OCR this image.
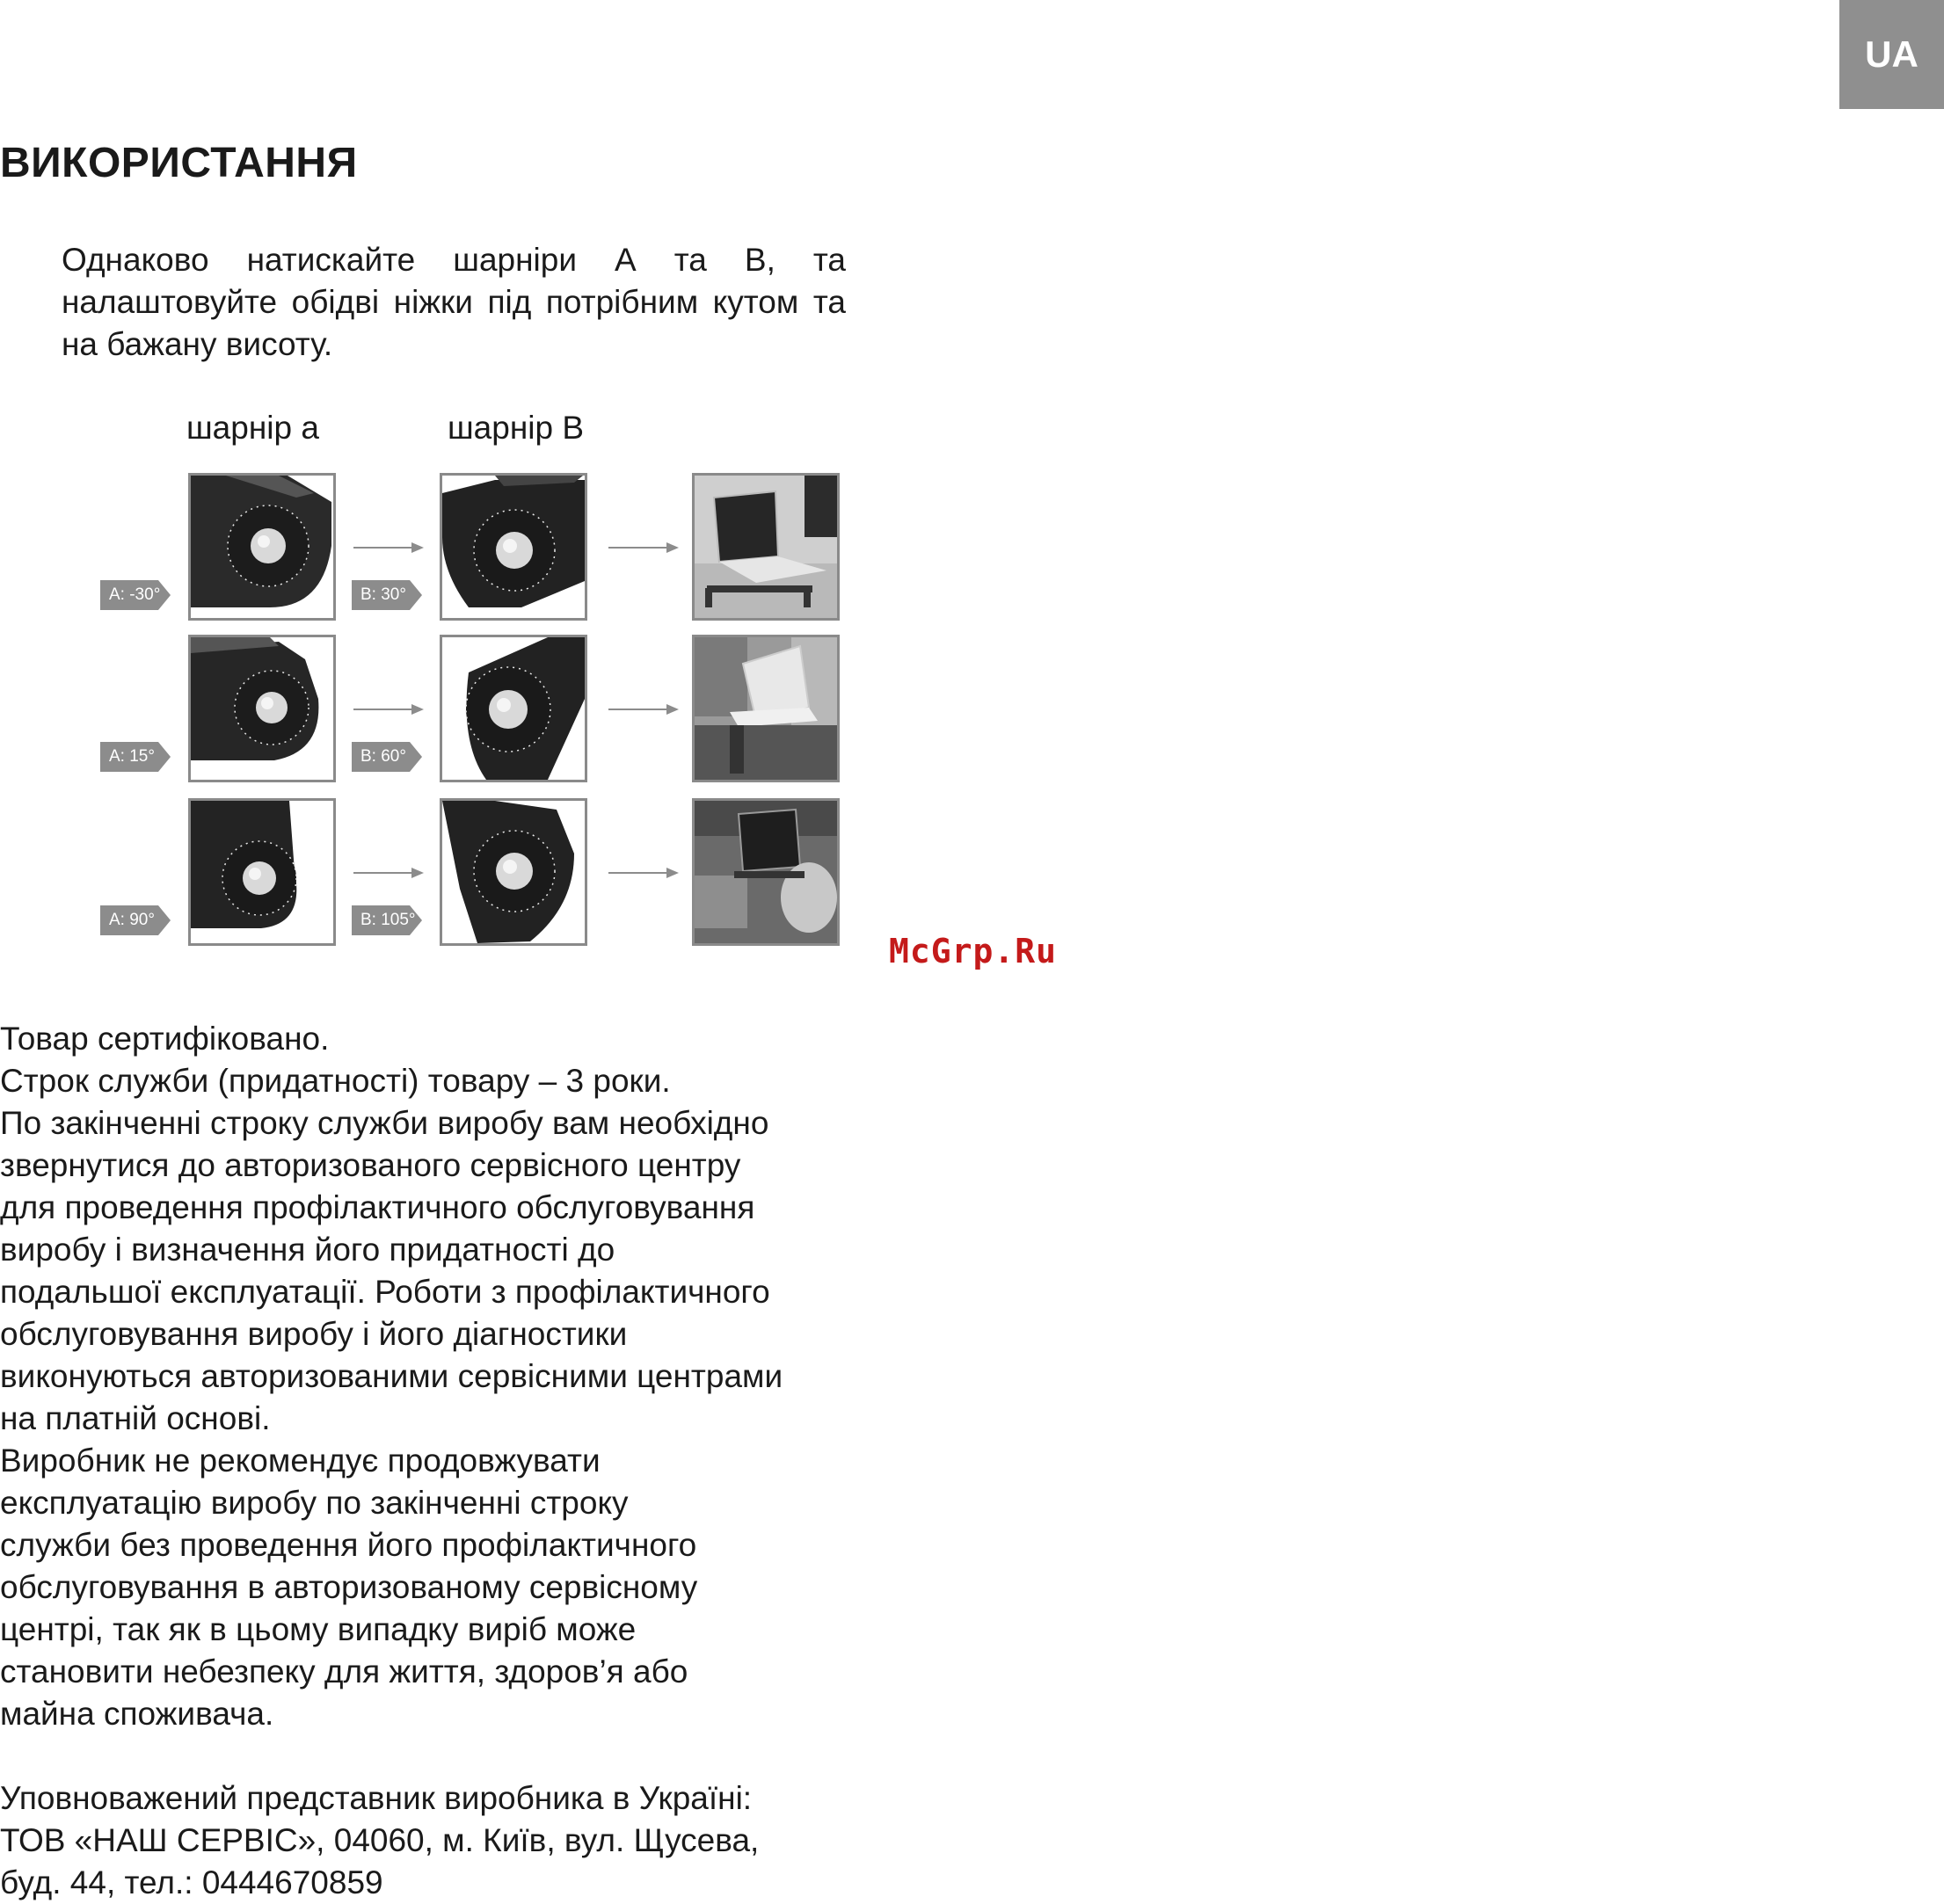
UA
ВИКОРИСТАННЯ

Однаково натискайте шарніри А та В, та налаштовуйте обідві ніжки під потрібним кутом та на бажану висоту.

шарнір а	шарнір В
A: -30°	B: 30°
A: 15°	B: 60°
A: 90°	B: 105°
McGrp.Ru

Товар сертифіковано.

Строк служби (придатності) товару – 3 роки.

По закінченні строку служби виробу вам необхідно

звернутися до авторизованого сервісного центру

для проведення профілактичного обслуговування

виробу і визначення його придатності до

подальшої експлуатації. Роботи з профілактичного

обслуговування виробу і його діагностики

виконуються авторизованими сервісними центрами

на платній основі.

Виробник не рекомендує продовжувати

експлуатацію виробу по закінченні строку

служби без проведення його профілактичного

обслуговування в авторизованому сервісному

центрі, так як в цьому випадку виріб може

становити небезпеку для життя, здоров’я або

майна споживача.

Уповноважений представник виробника в Україні:

ТОВ «НАШ СЕРВІС», 04060, м. Київ, вул. Щусева,

буд. 44, тел.: 0444670859
